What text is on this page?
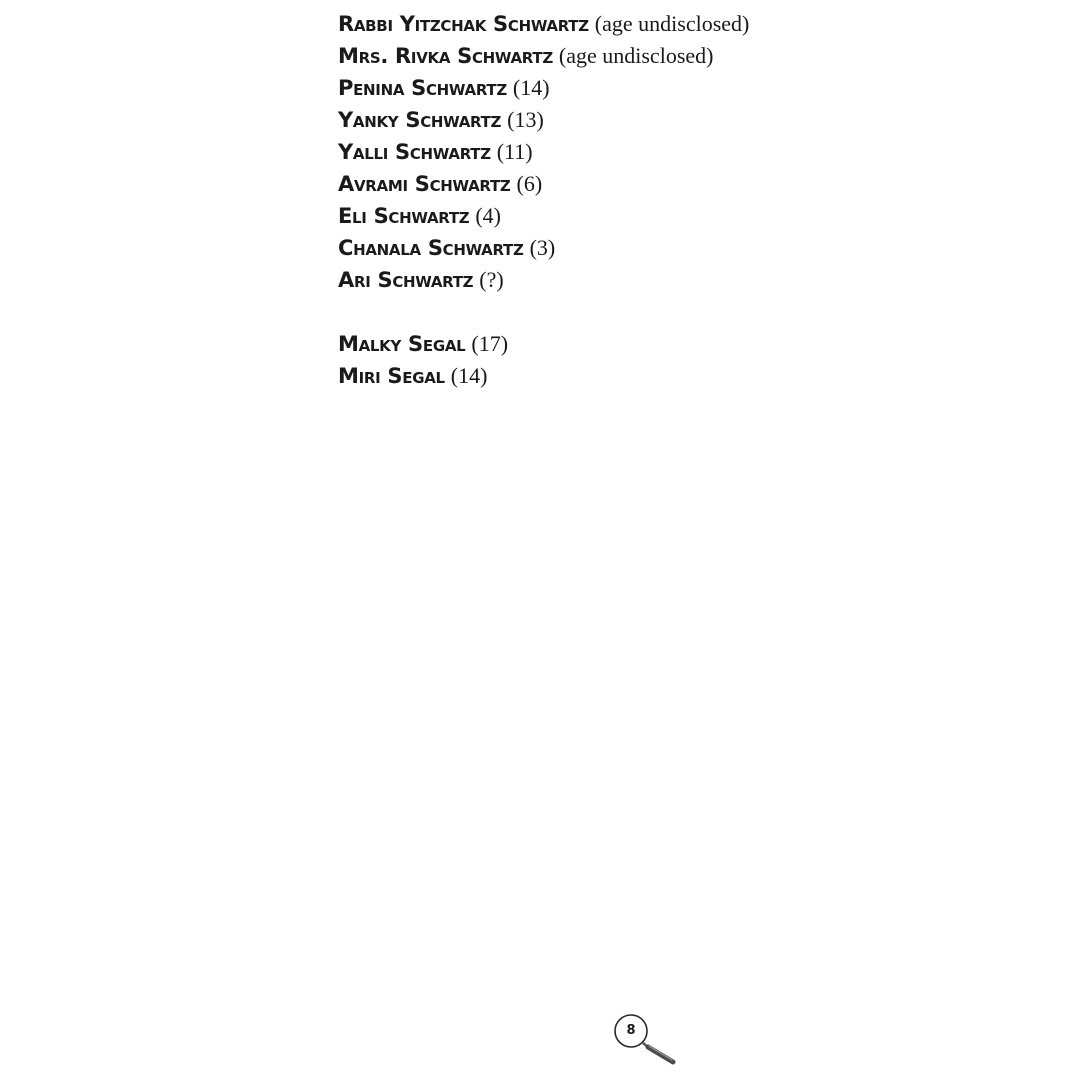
Rabbi Yitzchak Schwartz (age undisclosed)
Mrs. Rivka Schwartz (age undisclosed)
Penina Schwartz (14)
Yanky Schwartz (13)
Yalli Schwartz (11)
Avrami Schwartz (6)
Eli Schwartz (4)
Chanala Schwartz (3)
Ari Schwartz (?)
Malky Segal (17)
Miri Segal (14)
8
